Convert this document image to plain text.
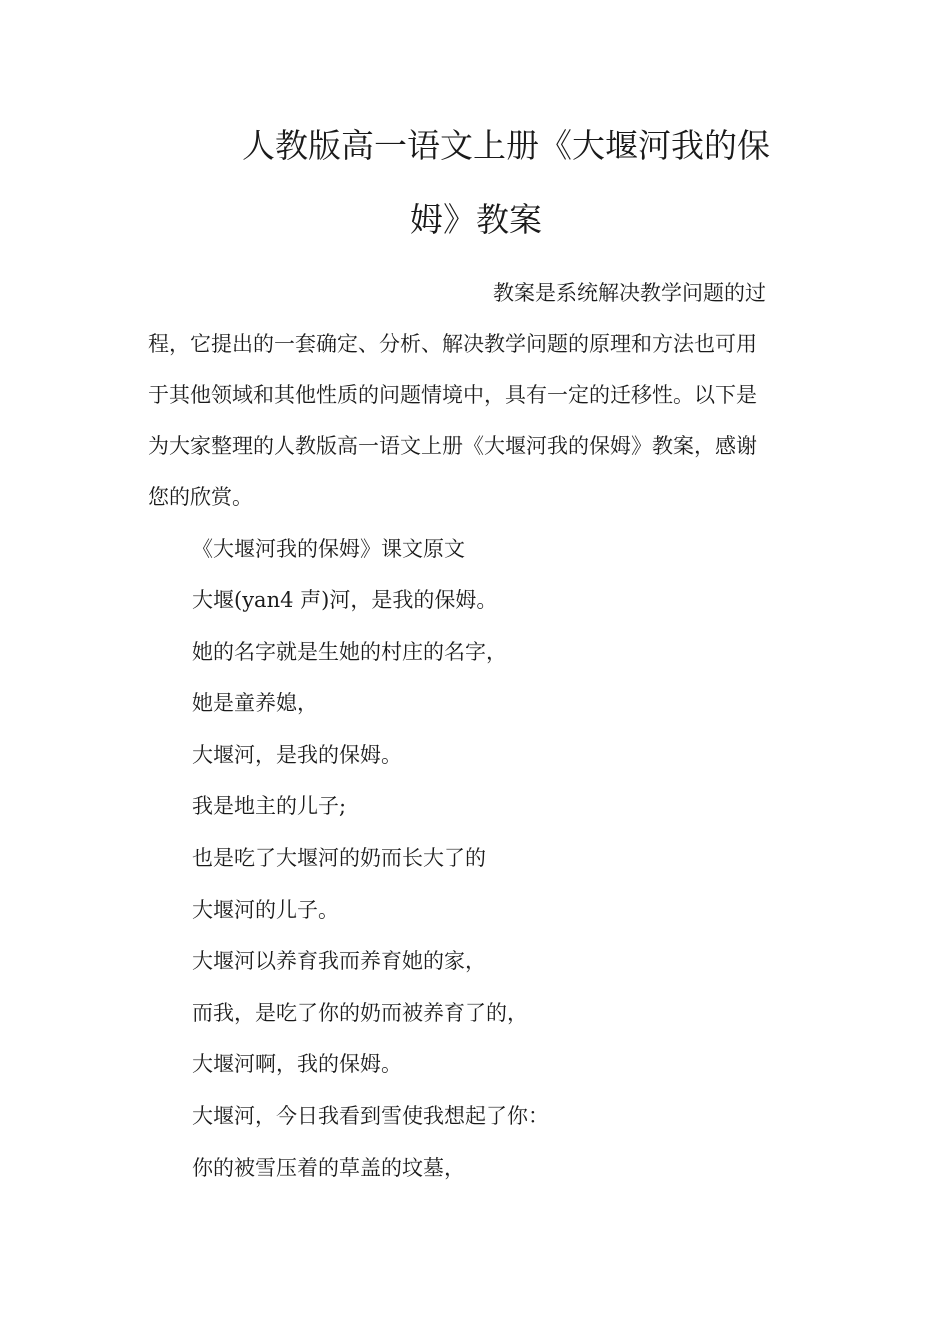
人教版高一语文上册《大堰河我的保
姆》教案
教案是系统解决教学问题的过
程，它提出的一套确定、分析、解决教学问题的原理和方法也可用
于其他领域和其他性质的问题情境中，具有一定的迁移性。以下是
为大家整理的人教版高一语文上册《大堰河我的保姆》教案，感谢
您的欣赏。
《大堰河我的保姆》课文原文
大堰(yan4 声)河，是我的保姆。
她的名字就是生她的村庄的名字，
她是童养媳，
大堰河，是我的保姆。
我是地主的儿子;
也是吃了大堰河的奶而长大了的
大堰河的儿子。
大堰河以养育我而养育她的家，
而我，是吃了你的奶而被养育了的，
大堰河啊，我的保姆。
大堰河，今日我看到雪使我想起了你：
你的被雪压着的草盖的坟墓，
